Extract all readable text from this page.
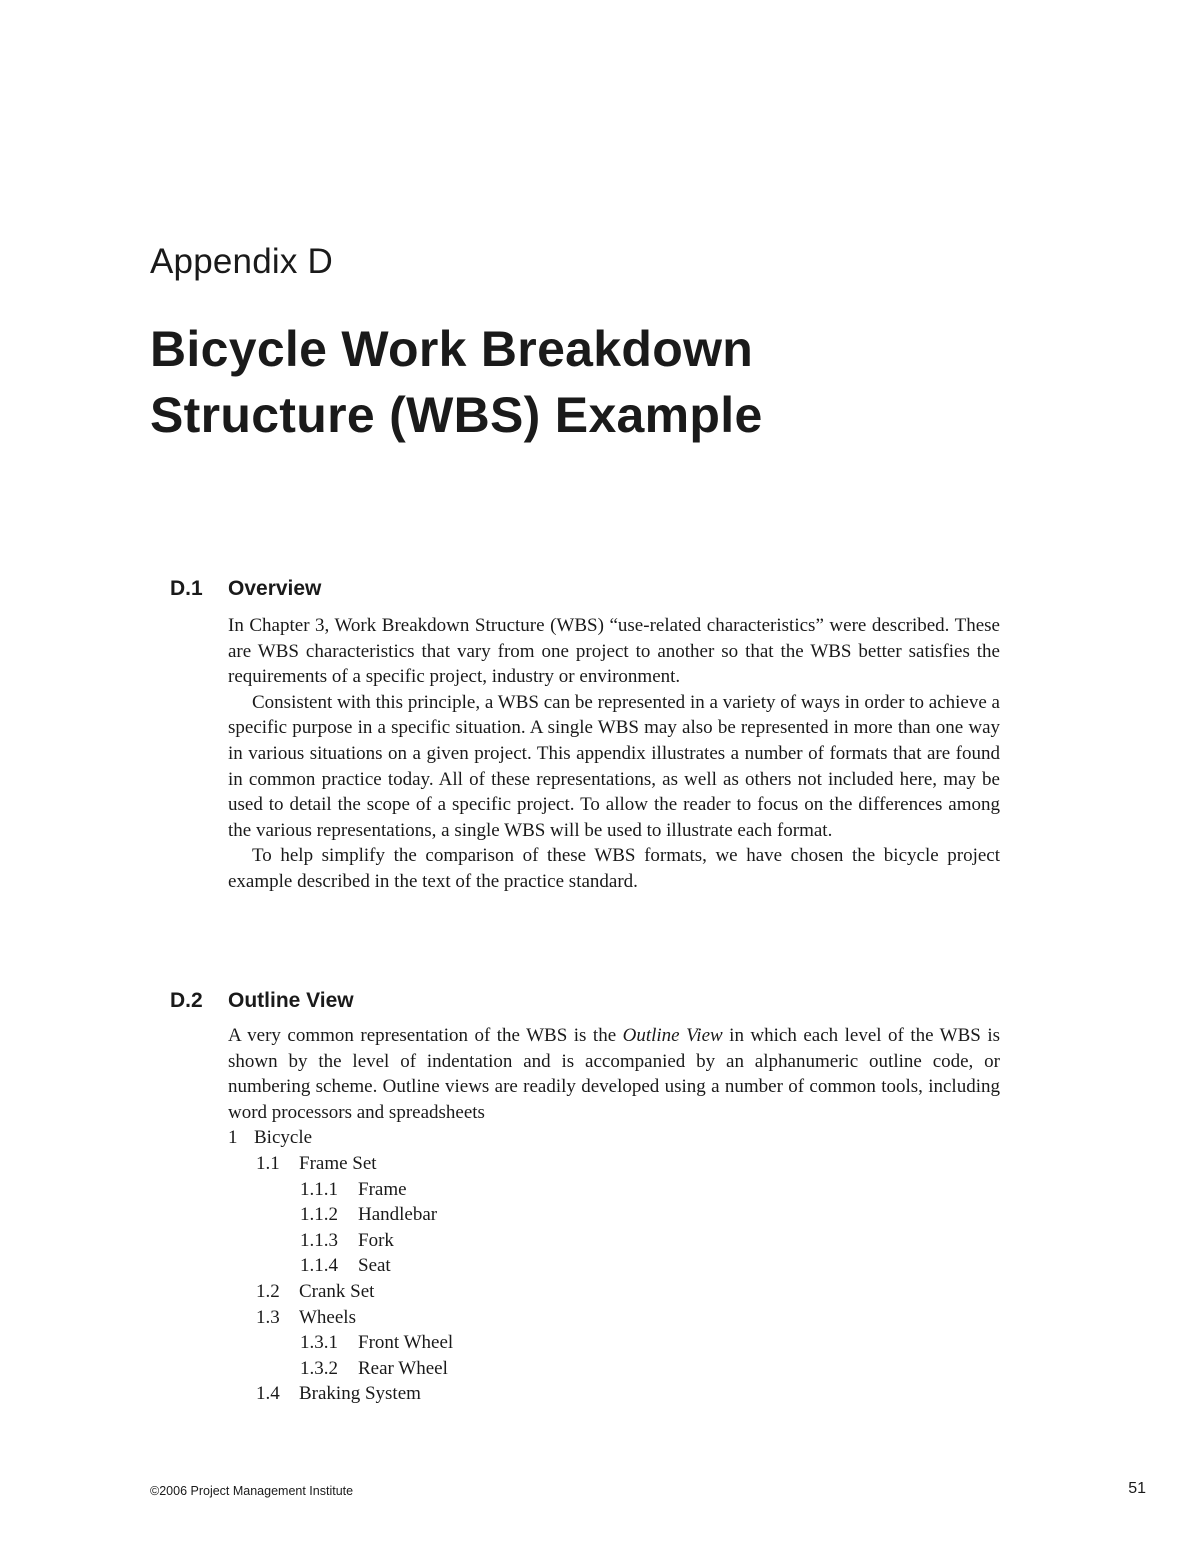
Appendix D

Bicycle Work Breakdown
Structure (WBS) Example
D.1 Overview

In Chapter 3, Work Breakdown Structure (WBS) “use-related characteristics” were described. These are WBS characteristics that vary from one project to another so that the WBS better satisfies the requirements of a specific project, industry or environment.

Consistent with this principle, a WBS can be represented in a variety of ways in order to achieve a specific purpose in a specific situation. A single WBS may also be represented in more than one way in various situations on a given project. This appendix illustrates a number of formats that are found in common practice today. All of these representations, as well as others not included here, may be used to detail the scope of a specific project. To allow the reader to focus on the differences among the various representations, a single WBS will be used to illustrate each format.

To help simplify the comparison of these WBS formats, we have chosen the bicycle project example described in the text of the practice standard.

D.2 Outline View

A very common representation of the WBS is the Outline View in which each level of the WBS is shown by the level of indentation and is accompanied by an alphanumeric outline code, or numbering scheme. Outline views are readily developed using a number of common tools, including word processors and spreadsheets

1 Bicycle
1.1 Frame Set
1.1.1 Frame
1.1.2 Handlebar
1.1.3 Fork
1.1.4 Seat
1.2 Crank Set
1.3 Wheels
1.3.1 Front Wheel
1.3.2 Rear Wheel
1.4 Braking System
©2006 Project Management Institute	51
